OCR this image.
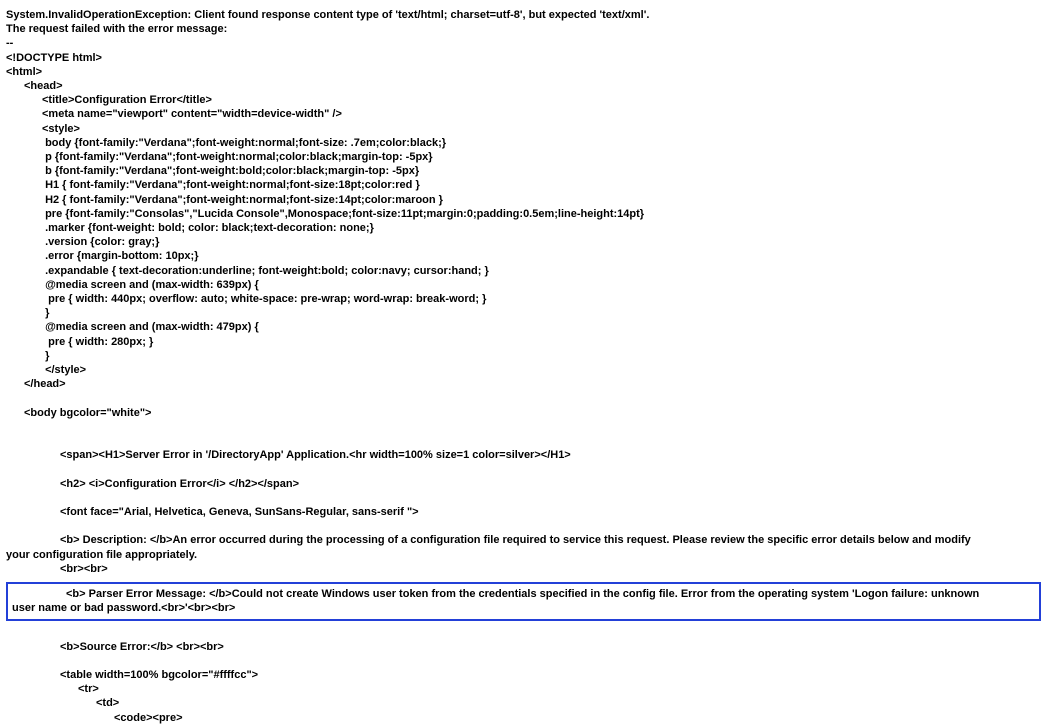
System.InvalidOperationException: Client found response content type of 'text/html; charset=utf-8', but expected 'text/xml'.
The request failed with the error message:
--
<!DOCTYPE html>
<html>
<head>
<title>Configuration Error</title>
<meta name="viewport" content="width=device-width" />
<style>
body {font-family:"Verdana";font-weight:normal;font-size: .7em;color:black;}
p {font-family:"Verdana";font-weight:normal;color:black;margin-top: -5px}
b {font-family:"Verdana";font-weight:bold;color:black;margin-top: -5px}
H1 { font-family:"Verdana";font-weight:normal;font-size:18pt;color:red }
H2 { font-family:"Verdana";font-weight:normal;font-size:14pt;color:maroon }
pre {font-family:"Consolas","Lucida Console",Monospace;font-size:11pt;margin:0;padding:0.5em;line-height:14pt}
.marker {font-weight: bold; color: black;text-decoration: none;}
.version {color: gray;}
.error {margin-bottom: 10px;}
.expandable { text-decoration:underline; font-weight:bold; color:navy; cursor:hand; }
@media screen and (max-width: 639px) {
pre { width: 440px; overflow: auto; white-space: pre-wrap; word-wrap: break-word; }
}
@media screen and (max-width: 479px) {
pre { width: 280px; }
}
</style>
</head>
<body bgcolor="white">
<span><H1>Server Error in '/DirectoryApp' Application.<hr width=100% size=1 color=silver></H1>
<h2> <i>Configuration Error</i> </h2></span>
<font face="Arial, Helvetica, Geneva, SunSans-Regular, sans-serif ">
<b> Description: </b>An error occurred during the processing of a configuration file required to service this request. Please review the specific error details below and modify
your configuration file appropriately.
<br><br>
<b> Parser Error Message: </b>Could not create Windows user token from the credentials specified in the config file. Error from the operating system 'Logon failure: unknown
user name or bad password.<br>'<br><br>
<b>Source Error:</b> <br><br>
<table width=100% bgcolor="#ffffcc">
<tr>
<td>
<code><pre>
